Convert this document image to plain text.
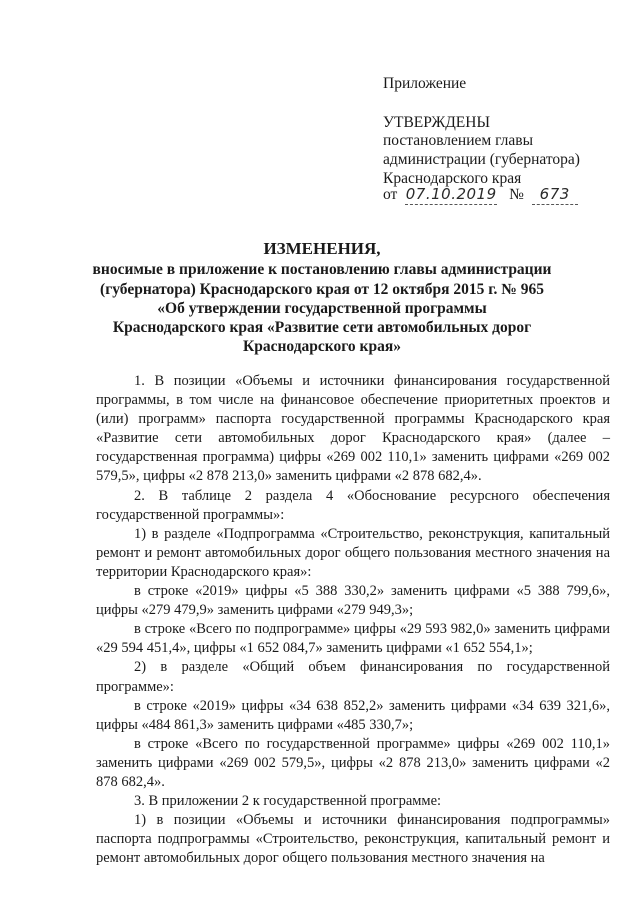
Приложение
УТВЕРЖДЕНЫ
постановлением главы
администрации (губернатора)
Краснодарского края
от 07.10.2019 № 673
ИЗМЕНЕНИЯ,
вносимые в приложение к постановлению главы администрации
(губернатора) Краснодарского края от 12 октября 2015 г. № 965
«Об утверждении государственной программы
Краснодарского края «Развитие сети автомобильных дорог
Краснодарского края»

1. В позиции «Объемы и источники финансирования государственной программы, в том числе на финансовое обеспечение приоритетных проектов и (или) программ» паспорта государственной программы Краснодарского края «Развитие сети автомобильных дорог Краснодарского края» (далее – государственная программа) цифры «269 002 110,1» заменить цифрами «269 002 579,5», цифры «2 878 213,0» заменить цифрами «2 878 682,4».

2. В таблице 2 раздела 4 «Обоснование ресурсного обеспечения государственной программы»:

1) в разделе «Подпрограмма «Строительство, реконструкция, капитальный ремонт и ремонт автомобильных дорог общего пользования местного значения на территории Краснодарского края»:

в строке «2019» цифры «5 388 330,2» заменить цифрами «5 388 799,6», цифры «279 479,9» заменить цифрами «279 949,3»;

в строке «Всего по подпрограмме» цифры «29 593 982,0» заменить цифрами «29 594 451,4», цифры «1 652 084,7» заменить цифрами «1 652 554,1»;

2) в разделе «Общий объем финансирования по государственной программе»:

в строке «2019» цифры «34 638 852,2» заменить цифрами «34 639 321,6», цифры «484 861,3» заменить цифрами «485 330,7»;

в строке «Всего по государственной программе» цифры «269 002 110,1» заменить цифрами «269 002 579,5», цифры «2 878 213,0» заменить цифрами «2 878 682,4».

3. В приложении 2 к государственной программе:

1) в позиции «Объемы и источники финансирования подпрограммы» паспорта подпрограммы «Строительство, реконструкция, капитальный ремонт и ремонт автомобильных дорог общего пользования местного значения на
